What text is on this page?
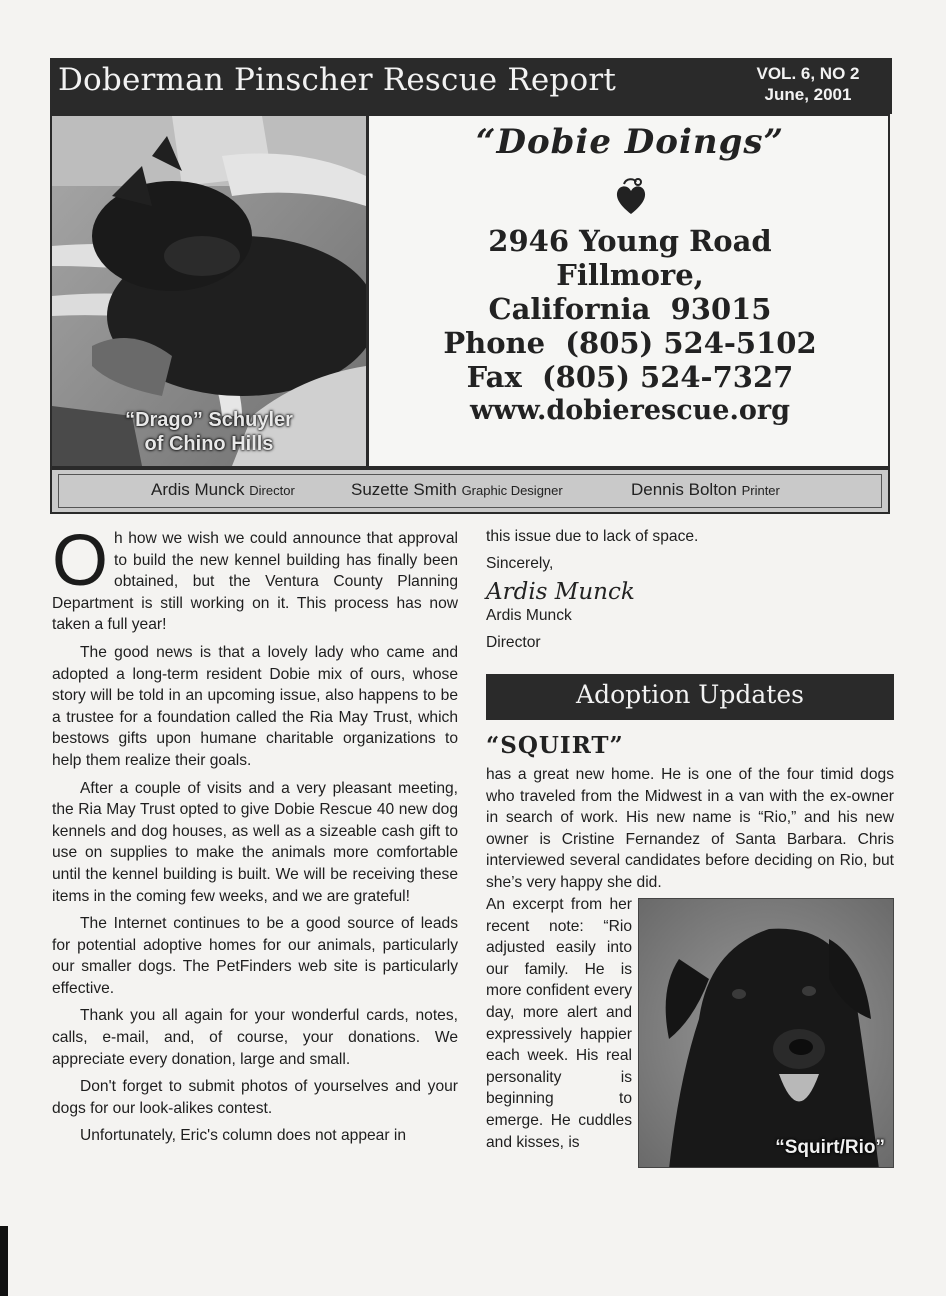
Doberman Pinscher Rescue Report	VOL. 6, NO 2
June, 2001
“Drago” Schuyler
of Chino Hills
“Dobie Doings”
2946 Young Road
Fillmore,
California  93015
Phone  (805) 524-5102
Fax  (805) 524-7327
www.dobierescue.org
Ardis Munck Director	Suzette Smith Graphic Designer	Dennis Bolton Printer

Oh how we wish we could announce that approval to build the new kennel building has finally been obtained, but the Ventura County Planning Department is still working on it. This process has now taken a full year!

The good news is that a lovely lady who came and adopted a long-term resident Dobie mix of ours, whose story will be told in an upcoming issue, also happens to be a trustee for a foundation called the Ria May Trust, which bestows gifts upon humane charitable organizations to help them realize their goals.

After a couple of visits and a very pleasant meeting, the Ria May Trust opted to give Dobie Rescue 40 new dog kennels and dog houses, as well as a sizeable cash gift to use on supplies to make the animals more comfortable until the kennel building is built. We will be receiving these items in the coming few weeks, and we are grateful!

The Internet continues to be a good source of leads for potential adoptive homes for our animals, particularly our smaller dogs. The PetFinders web site is particularly effective.

Thank you all again for your wonderful cards, notes, calls, e-mail, and, of course, your donations. We appreciate every donation, large and small.

Don't forget to submit photos of yourselves and your dogs for our look-alikes contest.

Unfortunately, Eric's column does not appear in

this issue due to lack of space.
Sincerely,
Ardis Munck
Ardis Munck
Director
Adoption Updates
“SQUIRT”
has a great new home. He is one of the four timid dogs who traveled from the Midwest in a van with the ex-owner in search of work. His new name is “Rio,” and his new owner is Cristine Fernandez of Santa Barbara. Chris interviewed several candidates before deciding on Rio, but she’s very happy she did.
An excerpt from her recent note: “Rio adjusted easily into our family. He is more confident every day, more alert and expressively happier each week. His real personality is beginning to emerge. He cuddles and kisses, is	“Squirt/Rio”
